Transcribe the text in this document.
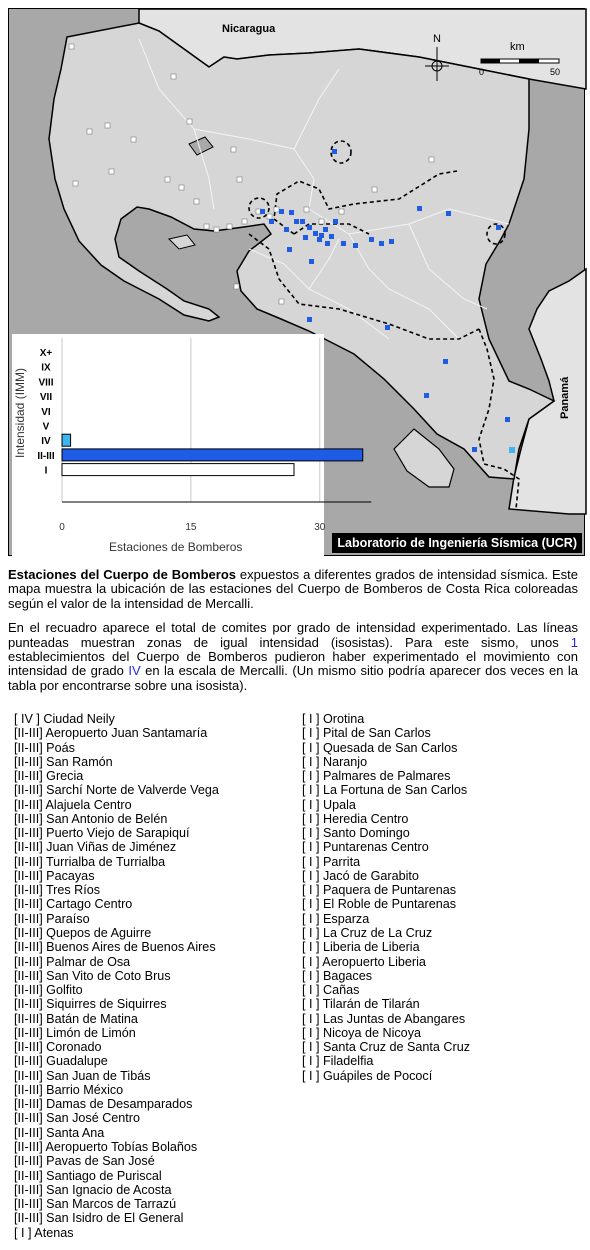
Nicaragua
Panamá
N
km
0	50
Intensidad (IMM)
0	15	30
I
II-III
IV
V
VI
VII
VIII
IX
X+
Estaciones de Bomberos	Laboratorio de Ingeniería Sísmica (UCR)

Estaciones del Cuerpo de Bomberos expuestos a diferentes grados de intensidad sísmica. Este mapa muestra la ubicación de las estaciones del Cuerpo de Bomberos de Costa Rica coloreadas según el valor de la intensidad de Mercalli.

En el recuadro aparece el total de comites por grado de intensidad experimentado. Las líneas punteadas muestran zonas de igual intensidad (isosistas). Para este sismo, unos 1 establecimientos del Cuerpo de Bomberos pudieron haber experimentado el movimiento con intensidad de grado IV en la escala de Mercalli. (Un mismo sitio podría aparecer dos veces en la tabla por encontrarse sobre una isosista).

[ IV ] Ciudad Neily
[II-III] Aeropuerto Juan Santamaría
[II-III] Poás
[II-III] San Ramón
[II-III] Grecia
[II-III] Sarchí Norte de Valverde Vega
[II-III] Alajuela Centro
[II-III] San Antonio de Belén
[II-III] Puerto Viejo de Sarapiquí
[II-III] Juan Viñas de Jiménez
[II-III] Turrialba de Turrialba
[II-III] Pacayas
[II-III] Tres Ríos
[II-III] Cartago Centro
[II-III] Paraíso
[II-III] Quepos de Aguirre
[II-III] Buenos Aires de Buenos Aires
[II-III] Palmar de Osa
[II-III] San Vito de Coto Brus
[II-III] Golfito
[II-III] Siquirres de Siquirres
[II-III] Batán de Matina
[II-III] Limón de Limón
[II-III] Coronado
[II-III] Guadalupe
[II-III] San Juan de Tibás
[II-III] Barrio México
[II-III] Damas de Desamparados
[II-III] San José Centro
[II-III] Santa Ana
[II-III] Aeropuerto Tobías Bolaños
[II-III] Pavas de San José
[II-III] Santiago de Puriscal
[II-III] San Ignacio de Acosta
[II-III] San Marcos de Tarrazú
[II-III] San Isidro de El General
[ I ] Atenas
[ I ] Orotina
[ I ] Pital de San Carlos
[ I ] Quesada de San Carlos
[ I ] Naranjo
[ I ] Palmares de Palmares
[ I ] La Fortuna de San Carlos
[ I ] Upala
[ I ] Heredia Centro
[ I ] Santo Domingo
[ I ] Puntarenas Centro
[ I ] Parrita
[ I ] Jacó de Garabito
[ I ] Paquera de Puntarenas
[ I ] El Roble de Puntarenas
[ I ] Esparza
[ I ] La Cruz de La Cruz
[ I ] Liberia de Liberia
[ I ] Aeropuerto Liberia
[ I ] Bagaces
[ I ] Cañas
[ I ] Tilarán de Tilarán
[ I ] Las Juntas de Abangares
[ I ] Nicoya de Nicoya
[ I ] Santa Cruz de Santa Cruz
[ I ] Filadelfia
[ I ] Guápiles de Pococí
